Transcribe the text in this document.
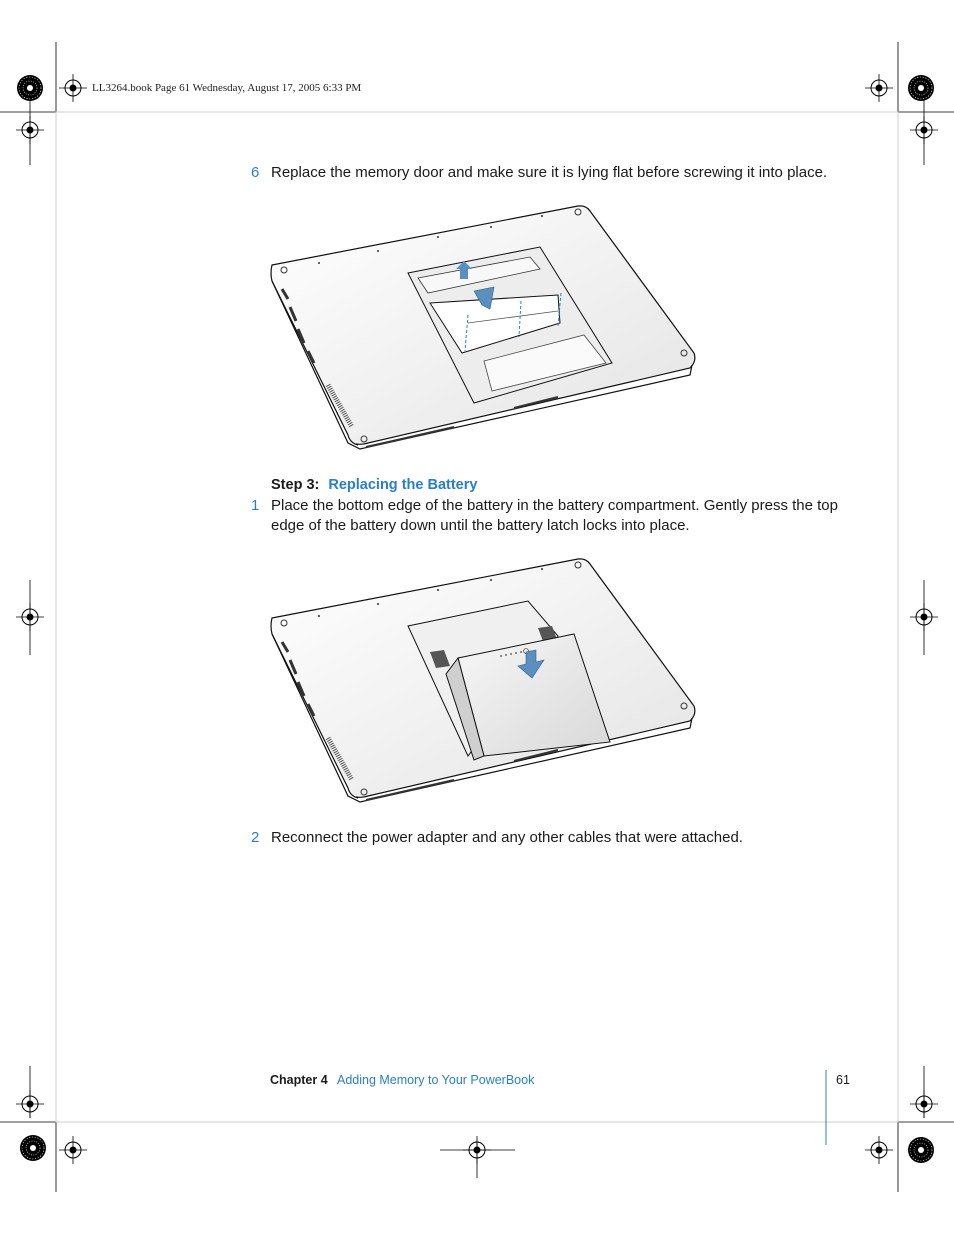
LL3264.book Page 61 Wednesday, August 17, 2005 6:33 PM
6 Replace the memory door and make sure it is lying flat before screwing it into place.
Step 3: Replacing the Battery
1 Place the bottom edge of the battery in the battery compartment. Gently press the top
edge of the battery down until the battery latch locks into place.
2 Reconnect the power adapter and any other cables that were attached.
Chapter 4 Adding Memory to Your PowerBook	61
